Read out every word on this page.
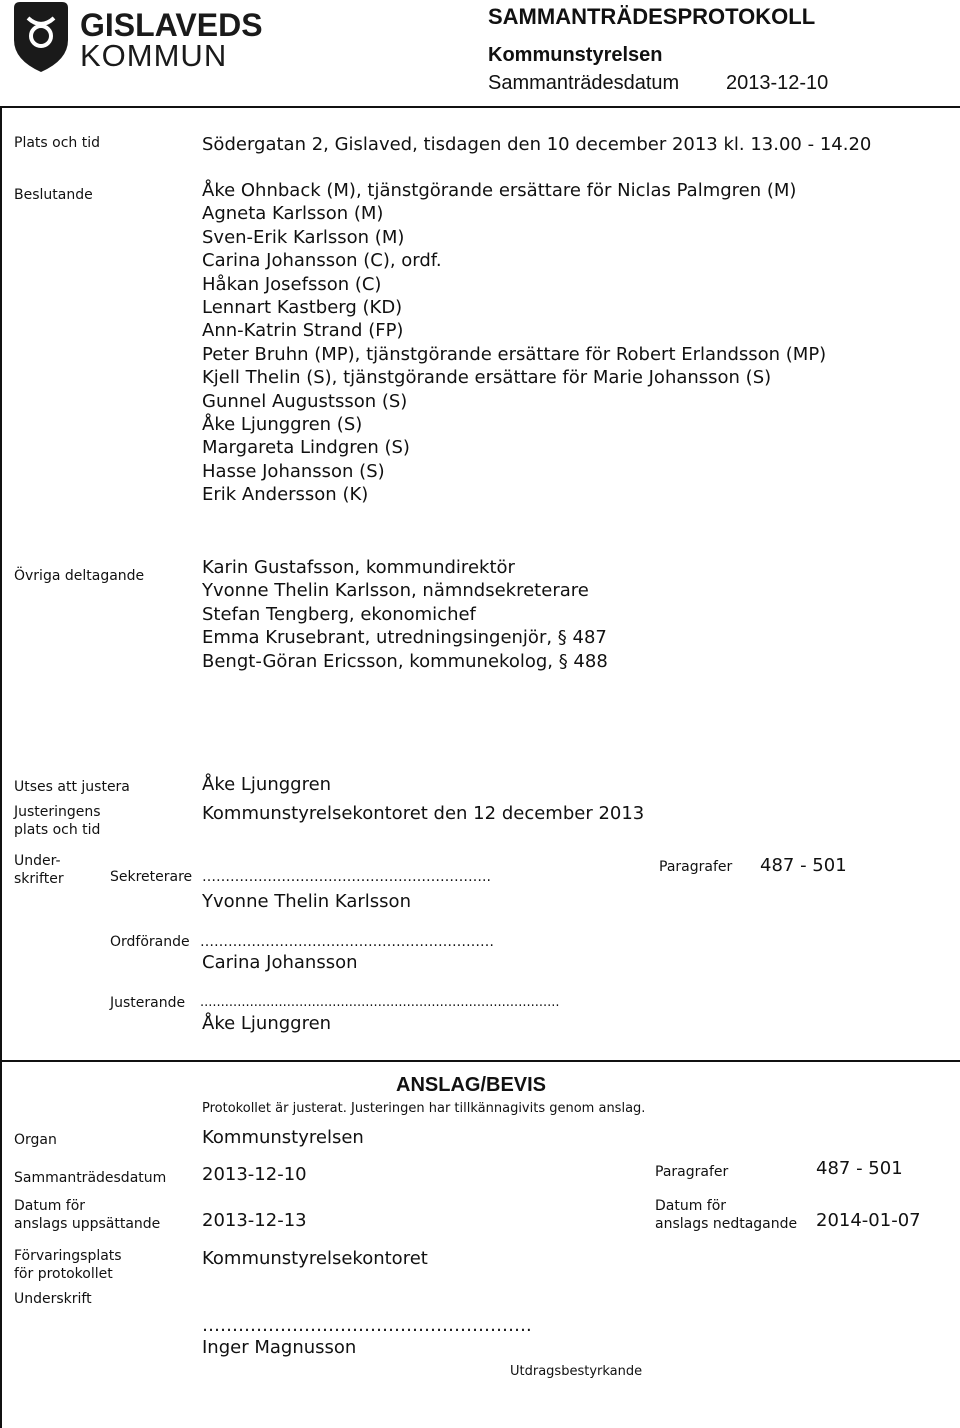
GISLAVEDS
KOMMUN
SAMMANTRÄDESPROTOKOLL
Kommunstyrelsen
Sammanträdesdatum 2013-12-10
Plats och tid	Södergatan 2, Gislaved, tisdagen den 10 december 2013 kl. 13.00 - 14.20
Beslutande	Åke Ohnback (M), tjänstgörande ersättare för Niclas Palmgren (M)
Agneta Karlsson (M)
Sven-Erik Karlsson (M)
Carina Johansson (C), ordf.
Håkan Josefsson (C)
Lennart Kastberg (KD)
Ann-Katrin Strand (FP)
Peter Bruhn (MP), tjänstgörande ersättare för Robert Erlandsson (MP)
Kjell Thelin (S), tjänstgörande ersättare för Marie Johansson (S)
Gunnel Augustsson (S)
Åke Ljunggren (S)
Margareta Lindgren (S)
Hasse Johansson (S)
Erik Andersson (K)
Övriga deltagande	Karin Gustafsson, kommundirektör
Yvonne Thelin Karlsson, nämndsekreterare
Stefan Tengberg, ekonomichef
Emma Krusebrant, utredningsingenjör, § 487
Bengt-Göran Ericsson, kommunekolog, § 488
Utses att justera	Åke Ljunggren
Justeringens
plats och tid
Kommunstyrelsekontoret den 12 december 2013
Under-
skrifter	Sekreterare ……………………………………………………..
Yvonne Thelin Karlsson
Paragrafer 487 - 501
Ordförande ………………………………………………………
Carina Johansson
Justerande .......................................................................................
Åke Ljunggren
ANSLAG/BEVIS
Protokollet är justerat. Justeringen har tillkännagivits genom anslag.
Organ	Kommunstyrelsen
Sammanträdesdatum 2013-12-10	Paragrafer	487 - 501
Datum för
anslags uppsättande 2013-12-13
Datum för
anslags nedtagande 2014-01-07
Förvaringsplats
för protokollet
Kommunstyrelsekontoret
Underskrift
……………………………………………….
Inger Magnusson
Utdragsbestyrkande
